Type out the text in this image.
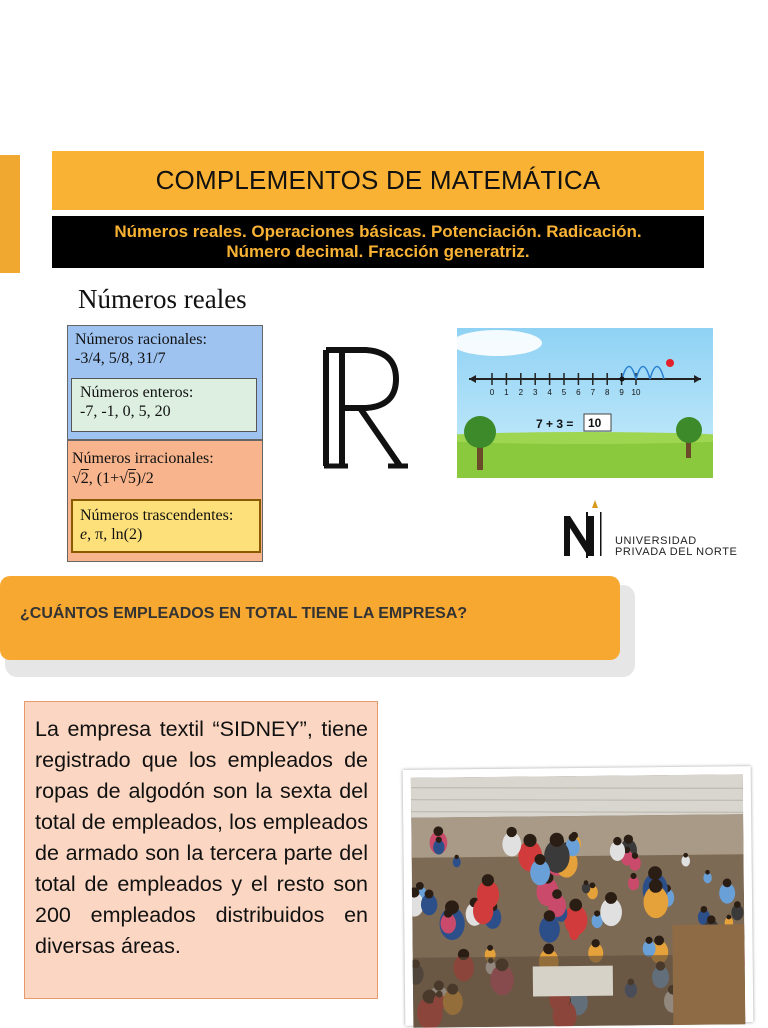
COMPLEMENTOS DE MATEMÁTICA
Números reales. Operaciones básicas. Potenciación. Radicación.
Número decimal. Fracción generatriz.
Números reales
Números racionales:
-3/4, 5/8, 31/7
Números enteros:
-7, -1, 0, 5, 20
Números irracionales:
√2, (1+√5)/2
Números trascendentes:
e, π, ln(2)
0 1 2 3 4 5 6 7 8 9 10
7 + 3 = 10
UNIVERSIDAD
PRIVADA DEL NORTE
¿CUÁNTOS EMPLEADOS EN TOTAL TIENE LA EMPRESA?

La empresa textil “SIDNEY”, tiene registrado que los empleados de ropas de algodón son la sexta del total de empleados, los empleados de armado son la tercera parte del total de empleados y el resto son 200 empleados distribuidos en diversas áreas.
